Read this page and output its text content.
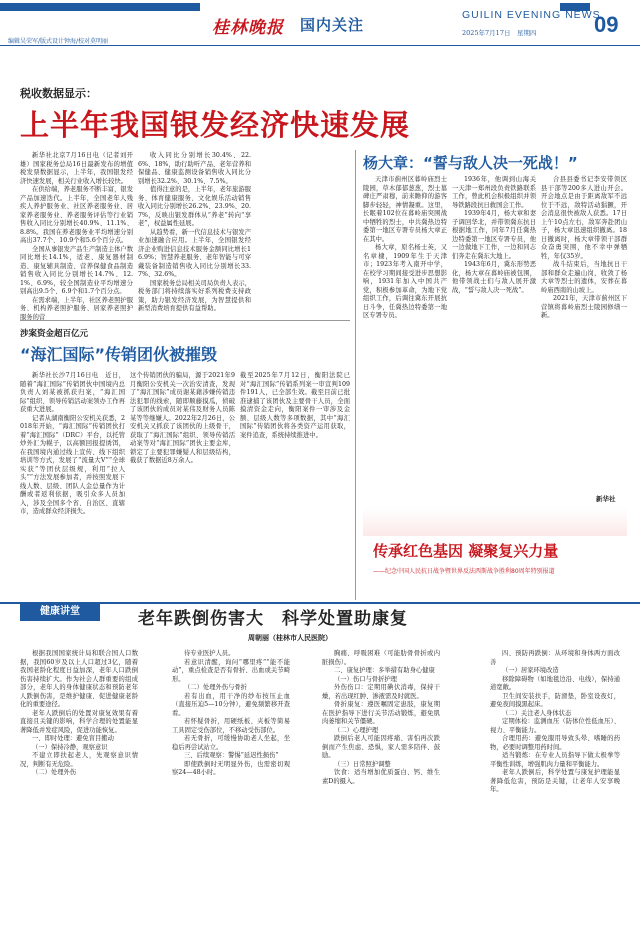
桂林晚报 国内关注
GUILIN EVENING NEWS
2025年7月17日　星期四	09
编辑吴荣军/版式设计钟海/校对莫明丽
税收数据显示：
上半年我国银发经济快速发展
新华社北京7月16日电（记者刘开雄）国家税务总局16日最新发布的增值税发票数据显示，上半年，我国银发经济快速发展，相关行业收入增长较快。
在供给端，养老服务不断丰富，银发产品加速迭代。上半年，全国老年人残疾人养护服务业、社区养老服务业、居家养老服务业、养老服务评估等行业销售收入同比分别增长40.9%、11.1%、8.8%。我国在养老服务业平均增速分别高出37.7个、10.9个和5.6个百分点。
全国从事银发产品生产制造主体户数同比增长14.1%，适老、康复器材制造、康复辅具制造、营养保健食品制造销售收入同比分别增长14.7%、12.1%、6.9%，较全国制造业平均增速分别高出9.5个、6.9个和1.7个百分点。
在需求端，上半年，社区养老照护服务、机构养老照护服务、居家养老照护服务的营
收入同比分别增长30.4%、22.6%、18%，助行助听产品、老年营养和保健品、健康监测设备销售收入同比分别增长32.2%、30.1%、7.5%。
值得注意的是，上半年，老年旅游服务、体育健康服务、文化娱乐活动销售收入同比分别增长26.2%、23.9%、20.7%，反映出银发群体从“养老”转向“享老”，权益属性延展。
从趋势看，新一代信息技术与银发产业加速融合应用。上半年，全国银发经济企业购进信息技术服务金额同比增长16.9%；智慧养老服务、老年智能与可穿戴装备制造销售收入同比分别增长33.7%、32.6%。
国家税务总局相关司局负责人表示，税务部门将持续落实好系列税费支持政策，助力银发经济发展，为智慧提供和新型消费培育提供有益帮助。
涉案资金超百亿元
“海汇国际”传销团伙被摧毁
新华社长沙7月16日电　近日，随着“海汇国际”传销团伙中国境内总负责人刘某被抓获归案，“海汇国际”组织、领导传销活动案领办工作再获重大进展。
记者从湖南衡阳公安机关获悉，2018年开始，“海汇国际”传销团伙打着“海汇国际”（DRC）平台，以托管炒外汇为幌子，以高额回报提诱饵，在我国境内通过线上宣传、线下组织培训等方式，发展了“流量大V”“全球实获”等团伙层级规，利用“拉人头”“方法发展参加者，并按照发展下线人数、层级、团队人金总量作为计酬或者返利依据，吸引众多人员加入，涉及全国多个省、自治区、直辖市，造成群众经济损失。
这个传销团伙的骗局，源于2021年9月衡阳公安机关一次治安清查，发现了“海汇国际”成员谢某藉涉嫌传销违法犯罪的线索，随即顺藤摸瓜，侦破了该团伙的成员对某伟及财务人员陈某等等继嫌人。2022年2月26日，公安机关又抓获了该团伙的上级骨干，获取了“海汇国际”组织、领导传销活动案等对“海汇国际”团伙主要金库，锁定了主要犯罪嫌疑人和层级结构，截获了数据近8万余人。
截至2025年7月12日，衡阳法院已对“海汇国际”传销系列案一审宣判109件191人，已全部生效。截至目前已批准逮捕了该团伙及主要骨干人员，全面摸清资金走向，衡阳案件一审涉及金额、层级人数等多项数据，其中“海汇国际”传销团伙将各类资产运用获取，案件追查，系统持续推进中。
杨大章：“誓与敌人决一死战！”
天津市蓟州区暮岭庙烈士陵园，草木郁郁葱葱，烈士墓碑庄严肃穆，前来瞻仰的游客脚步轻轻，神情凝重。这里，长眠着102位在暮岭庙突围战中牺牲的烈士，中共冀热边特委第一地区专署专员杨大章正在其中。
杨大章，原名杨士英，又名章棣，1909年生于天津市；1923年考入南开中学，在校学习期间接受进步思想影响，1931年加入中国共产党，积极参加革命，为地下党组织工作，后调往冀东开展抗日斗争，任冀热边特委第一地区专署专员。
1936年，他调到山海关一天津一郑州段负责铁路联系工作，曾此机会积极组织并领导铁路段抗日救国会工作。
1939年4月，杨大章和妻子调回华北，并带领冀东抗日根据地工作，同年7月任冀热边特委第一地区专署专员，他一边做地下工作，一边和同志们奔走在冀东大地上。
1943年6月，冀东形势恶化，杨大章在暮岭庙被包围，他带领战士们与敌人展开激战，“誓与敌人决一死战”。
合县县委书记李安带领区县干部等200多人进山开会。开会地点是由于距离敌军不远位于不远，敌特活动猖獗，开会消息很快被敌人获悉。17日上午10点左右，敌军奔赴团山子，杨大章迅速组织撤离。18日撤离时，杨大章带领干部群众奋勇突围，他不幸中弹牺牲，年仅35岁。
战斗结束后，当地抗日干部和群众走遍山岗，收敛了杨大章等烈士的遗体，安葬在暮岭庙西南的山坡上。
2021年，天津市蓟州区下营镇将暮岭庙烈士陵园修缮一新。
新华社
传承红色基因 凝聚复兴力量
——纪念中国人民抗日战争暨世界反法西斯战争胜利80周年特别报道
健康讲堂	老年跌倒伤害大　科学处置助康复
周朝丽（桂林市人民医院）
根据我国国家统计局和联合国人口数据，我国60岁及以上人口超过3亿，随着我国老龄化程度日益加深，老年人口跌倒伤害持续扩大。作为社会人群重要的组成部分，老年人的身体健康状态和预防老年人跌倒伤害，是维护健康、促进健康老龄化的重要途径。
老年人跌倒后的处置对康复效果有着直接且关键的影响，科学合理的处置能显著降低并发症风险，促进功能恢复。
一、即时处理：避免盲目搬动
（一）保持冷静，观察意识
不建立即扶起老人，先观察意识情况，判断有无危险。
（二）处理外伤
待专业医护人员。
若意识清醒，询问“哪里疼”“能不能动”，重点检查是否有骨折、出血或关节畸形。
（二）处理外伤与骨折
若有出血，用干净的纱布按压止血（直接压迫5—10分钟），避免频繁移开查看。
若怀疑骨折，用硬纸板、夹板等简易工具固定受伤部位，不移动受伤部位。
若无骨折，可缓慢协助老人坐起，坐稳后再尝试站立。
三、后续观察：警惕“延迟性损伤”
即使跌倒时无明显外伤，也需密切观察24—48小时。
胸痛、呼吸困难（可能肋骨骨折或内脏损伤）。
二、康复护理：多举措有助身心健康
（一）伤口与骨折护理
外伤伤口：定期用碘伏消毒，保持干燥，若出现红肿、渗液需及时就医。
骨折康复：遵医嘱固定患肢，康复期在医护指导下进行关节活动锻炼，避免肌肉萎缩和关节僵硬。
（二）心理护理
跌倒后老人可能因疼痛、害怕再次跌倒而产生焦虑、恐惧，家人需多陪伴、鼓励。
（三）日常照护调整
饮食：适当增加优质蛋白、钙、维生素D的摄入。
四、预防再跌倒：从环境和身体两方面改善
（一）居家环境改造
移除障碍物（如地毯边沿、电线），保持通道宽敞。
卫生间安装扶手，防滑垫，卧室设夜灯，避免夜间摸黑起床。
（二）关注老人身体状态
定期体检：监测血压（防体位性低血压）、视力、平衡能力。
合理用药：避免服用导致头晕、嗜睡的药物，必要时调整用药时间。
适当锻炼：在专业人员指导下做太极拳等平衡性训练，增强肌肉力量和平衡能力。
老年人跌倒后，科学处置与康复护理能显著降低危害，预防是关键，让老年人安享晚年。
